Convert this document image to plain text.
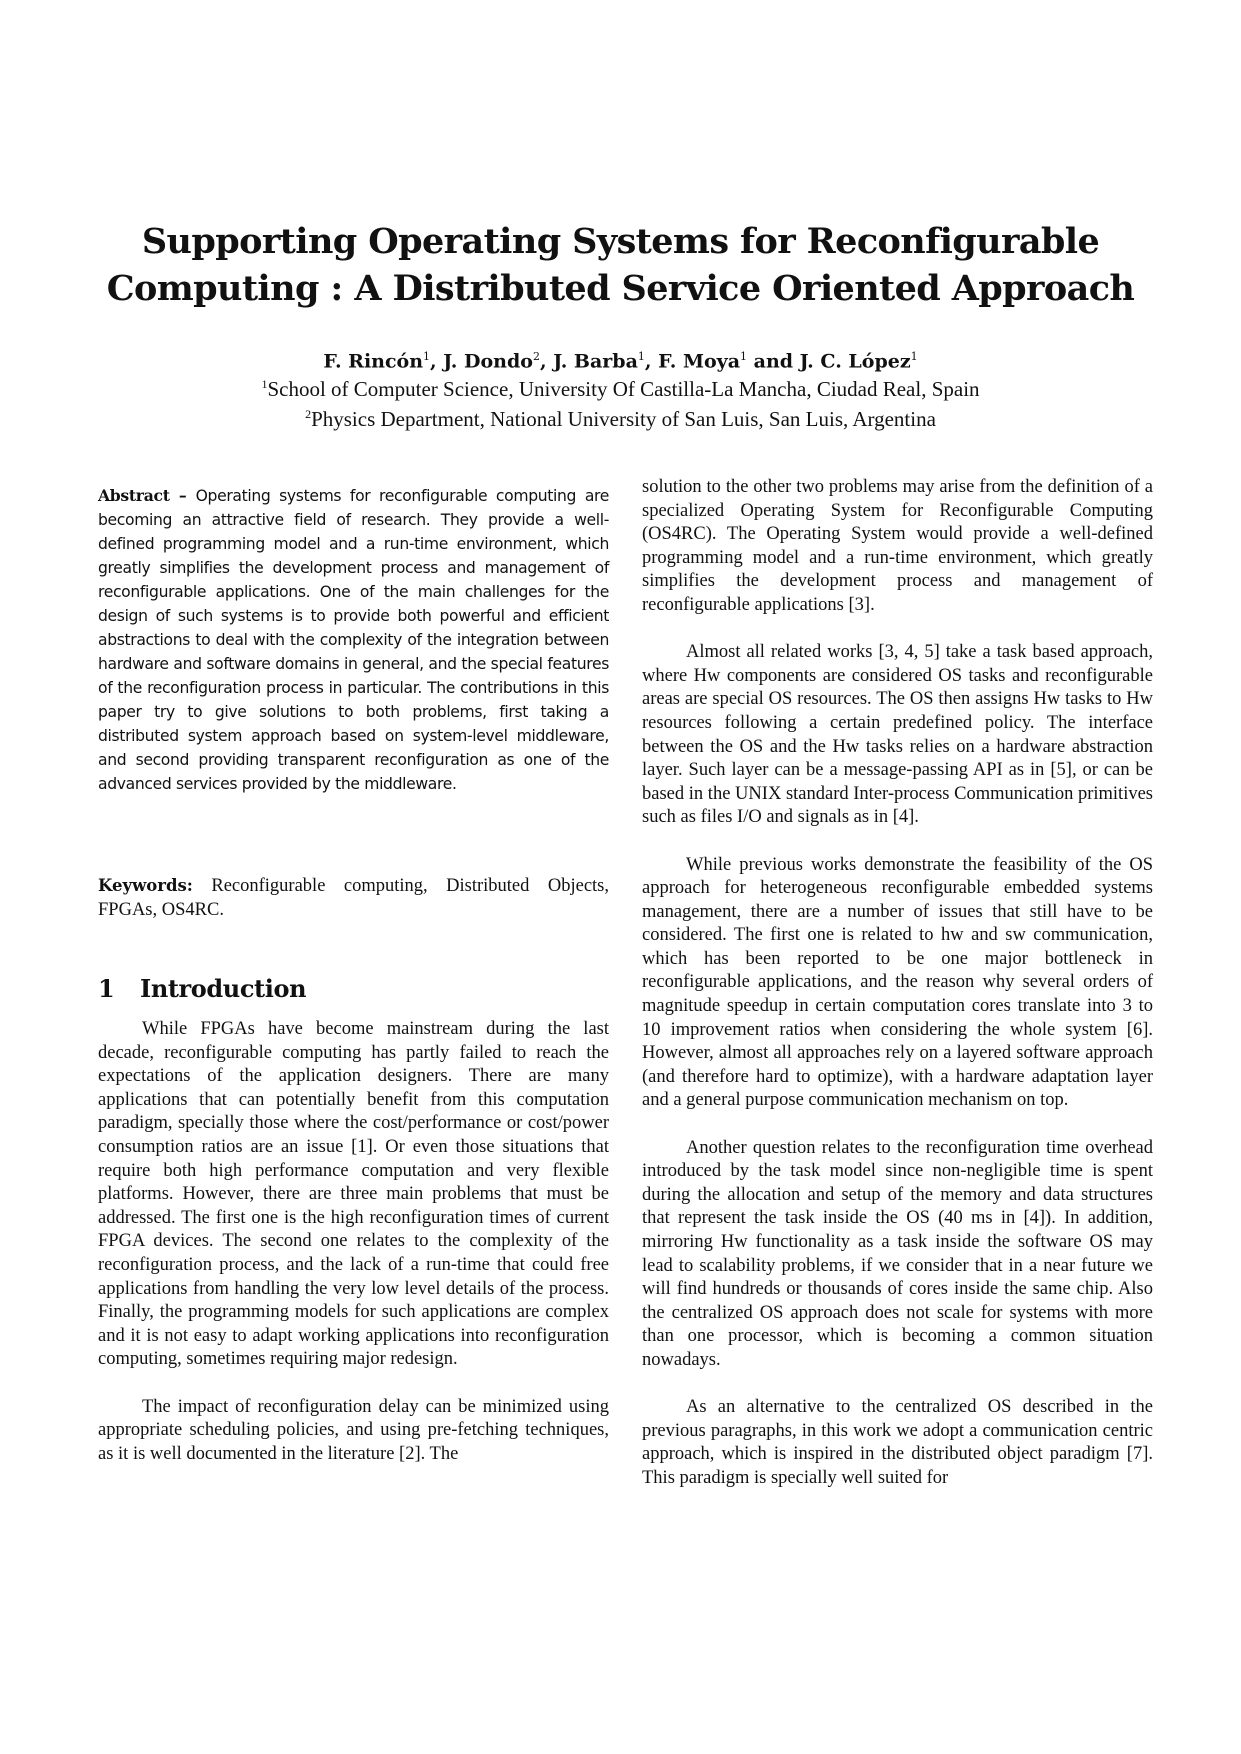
Supporting Operating Systems for Reconfigurable
Computing : A Distributed Service Oriented Approach
F. Rincón$^1$, J. Dondo$^2$, J. Barba$^1$, F. Moya$^1$ and J. C. López$^1$
$^1$School of Computer Science, University Of Castilla-La Mancha, Ciudad Real, Spain
$^2$Physics Department, National University of San Luis, San Luis, Argentina

Abstract – Operating systems for reconfigurable computing are becoming an attractive field of research. They provide a well-defined programming model and a run-time environment, which greatly simplifies the development process and management of reconfigurable applications. One of the main challenges for the design of such systems is to provide both powerful and efficient abstractions to deal with the complexity of the integration between hardware and software domains in general, and the special features of the reconfiguration process in particular. The contributions in this paper try to give solutions to both problems, first taking a distributed system approach based on system-level middleware, and second providing transparent reconfiguration as one of the advanced services provided by the middleware.

Keywords: Reconfigurable computing, Distributed Objects, FPGAs, OS4RC.

1 Introduction

While FPGAs have become mainstream during the last decade, reconfigurable computing has partly failed to reach the expectations of the application designers. There are many applications that can potentially benefit from this computation paradigm, specially those where the cost/performance or cost/power consumption ratios are an issue [1]. Or even those situations that require both high performance computation and very flexible platforms. However, there are three main problems that must be addressed. The first one is the high reconfiguration times of current FPGA devices. The second one relates to the complexity of the reconfiguration process, and the lack of a run-time that could free applications from handling the very low level details of the process. Finally, the programming models for such applications are complex and it is not easy to adapt working applications into reconfiguration computing, sometimes requiring major redesign.

The impact of reconfiguration delay can be minimized using appropriate scheduling policies, and using pre-fetching techniques, as it is well documented in the literature [2]. The

solution to the other two problems may arise from the definition of a specialized Operating System for Reconfigurable Computing (OS4RC). The Operating System would provide a well-defined programming model and a run-time environment, which greatly simplifies the development process and management of reconfigurable applications [3].

Almost all related works [3, 4, 5] take a task based approach, where Hw components are considered OS tasks and reconfigurable areas are special OS resources. The OS then assigns Hw tasks to Hw resources following a certain predefined policy. The interface between the OS and the Hw tasks relies on a hardware abstraction layer. Such layer can be a message-passing API as in [5], or can be based in the UNIX standard Inter-process Communication primitives such as files I/O and signals as in [4].

While previous works demonstrate the feasibility of the OS approach for heterogeneous reconfigurable embedded systems management, there are a number of issues that still have to be considered. The first one is related to hw and sw communication, which has been reported to be one major bottleneck in reconfigurable applications, and the reason why several orders of magnitude speedup in certain computation cores translate into 3 to 10 improvement ratios when considering the whole system [6]. However, almost all approaches rely on a layered software approach (and therefore hard to optimize), with a hardware adaptation layer and a general purpose communication mechanism on top.

Another question relates to the reconfiguration time overhead introduced by the task model since non-negligible time is spent during the allocation and setup of the memory and data structures that represent the task inside the OS (40 ms in [4]). In addition, mirroring Hw functionality as a task inside the software OS may lead to scalability problems, if we consider that in a near future we will find hundreds or thousands of cores inside the same chip. Also the centralized OS approach does not scale for systems with more than one processor, which is becoming a common situation nowadays.

As an alternative to the centralized OS described in the previous paragraphs, in this work we adopt a communication centric approach, which is inspired in the distributed object paradigm [7]. This paradigm is specially well suited for
